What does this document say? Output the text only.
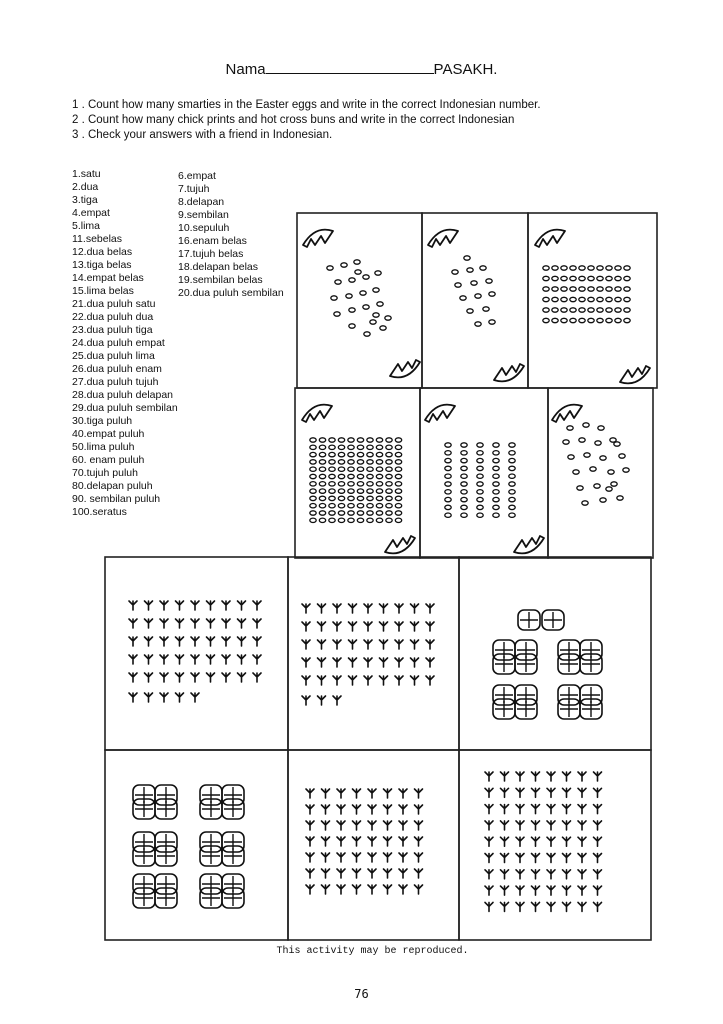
Nama	PASAKH.
1 . Count how many smarties in the Easter eggs and write in the correct Indonesian number.
2 . Count how many chick prints and hot cross buns and write in the correct Indonesian
3 . Check your answers with a friend in Indonesian.
1.satu
2.dua
3.tiga
4.empat
5.lima
11.sebelas
12.dua belas
13.tiga belas
14.empat belas
15.lima belas
21.dua puluh satu
22.dua puluh dua
23.dua puluh tiga
24.dua puluh empat
25.dua puluh lima
26.dua puluh enam
27.dua puluh tujuh
28.dua puluh delapan
29.dua puluh sembilan
30.tiga puluh
40.empat puluh
50.lima puluh
60. enam puluh
70.tujuh puluh
80.delapan puluh
90. sembilan puluh
100.seratus
6.empat
7.tujuh
8.delapan
9.sembilan
10.sepuluh
16.enam belas
17.tujuh belas
18.delapan belas
19.sembilan belas
20.dua puluh sembilan
This activity may be reproduced.
76
